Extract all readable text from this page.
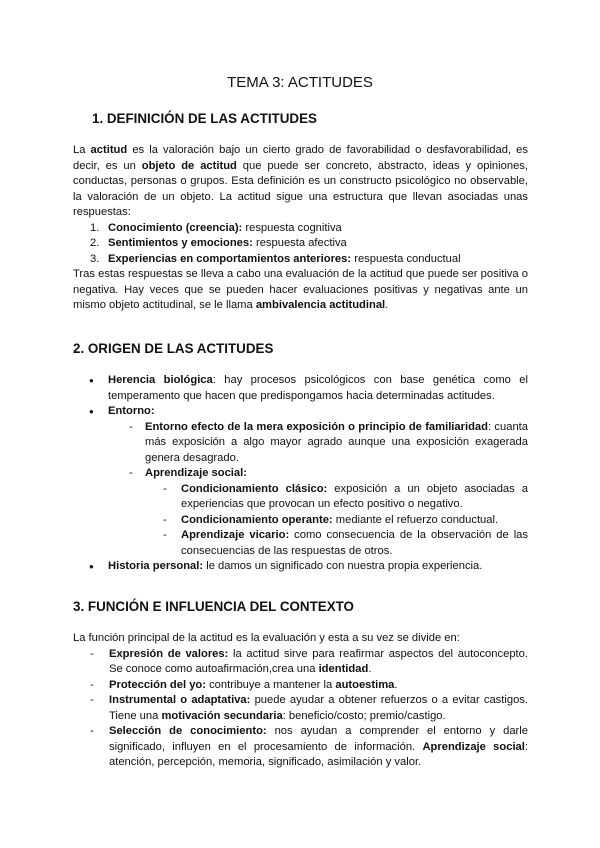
TEMA 3: ACTITUDES
1. DEFINICIÓN DE LAS ACTITUDES

La actitud es la valoración bajo un cierto grado de favorabilidad o desfavorabilidad, es decir, es un objeto de actitud que puede ser concreto, abstracto, ideas y opiniones, conductas, personas o grupos. Esta definición es un constructo psicológico no observable, la valoración de un objeto. La actitud sigue una estructura que llevan asociadas unas respuestas:

1. Conocimiento (creencia): respuesta cognitiva
2. Sentimientos y emociones: respuesta afectiva
3. Experiencias en comportamientos anteriores: respuesta conductual

Tras estas respuestas se lleva a cabo una evaluación de la actitud que puede ser positiva o negativa. Hay veces que se pueden hacer evaluaciones positivas y negativas ante un mismo objeto actitudinal, se le llama ambivalencia actitudinal.

2. ORIGEN DE LAS ACTITUDES
● Herencia biológica: hay procesos psicológicos con base genética como el temperamento que hacen que predispongamos hacia determinadas actitudes.
● Entorno:
- Entorno efecto de la mera exposición o principio de familiaridad: cuanta más exposición a algo mayor agrado aunque una exposición exagerada genera desagrado.
- Aprendizaje social:
- Condicionamiento clásico: exposición a un objeto asociadas a experiencias que provocan un efecto positivo o negativo.
- Condicionamiento operante: mediante el refuerzo conductual.
- Aprendizaje vicario: como consecuencia de la observación de las consecuencias de las respuestas de otros.
● Historia personal: le damos un significado con nuestra propia experiencia.
3. FUNCIÓN E INFLUENCIA DEL CONTEXTO

La función principal de la actitud es la evaluación y esta a su vez se divide en:

- Expresión de valores: la actitud sirve para reafirmar aspectos del autoconcepto. Se conoce como autoafirmación,crea una identidad.
- Protección del yo: contribuye a mantener la autoestima.
- Instrumental o adaptativa: puede ayudar a obtener refuerzos o a evitar castigos. Tiene una motivación secundaria: beneficio/costo; premio/castigo.
- Selección de conocimiento: nos ayudan a comprender el entorno y darle significado, influyen en el procesamiento de información. Aprendizaje social: atención, percepción, memoria, significado, asimilación y valor.
